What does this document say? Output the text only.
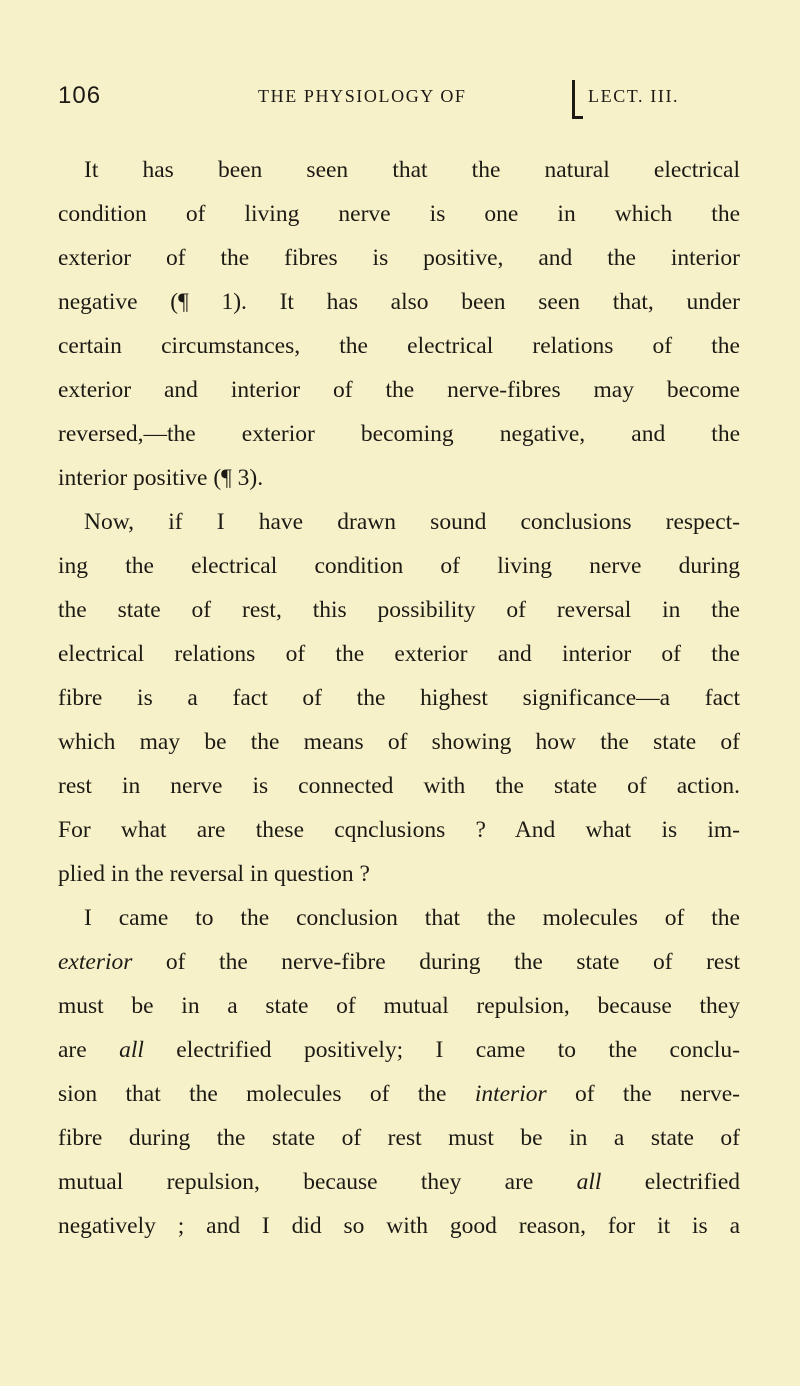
106	THE PHYSIOLOGY OF	LECT. III.
It has been seen that the natural electrical
condition of living nerve is one in which the
exterior of the fibres is positive, and the interior
negative (¶ 1). It has also been seen that, under
certain circumstances, the electrical relations of the
exterior and interior of the nerve-fibres may become
reversed,—the exterior becoming negative, and the
interior positive (¶ 3).
Now, if I have drawn sound conclusions respect-
ing the electrical condition of living nerve during
the state of rest, this possibility of reversal in the
electrical relations of the exterior and interior of the
fibre is a fact of the highest significance—a fact
which may be the means of showing how the state of
rest in nerve is connected with the state of action.
For what are these cqnclusions ? And what is im-
plied in the reversal in question ?
I came to the conclusion that the molecules of the
exterior of the nerve-fibre during the state of rest
must be in a state of mutual repulsion, because they
are all electrified positively; I came to the conclu-
sion that the molecules of the interior of the nerve-
fibre during the state of rest must be in a state of
mutual repulsion, because they are all electrified
negatively ; and I did so with good reason, for it is a
